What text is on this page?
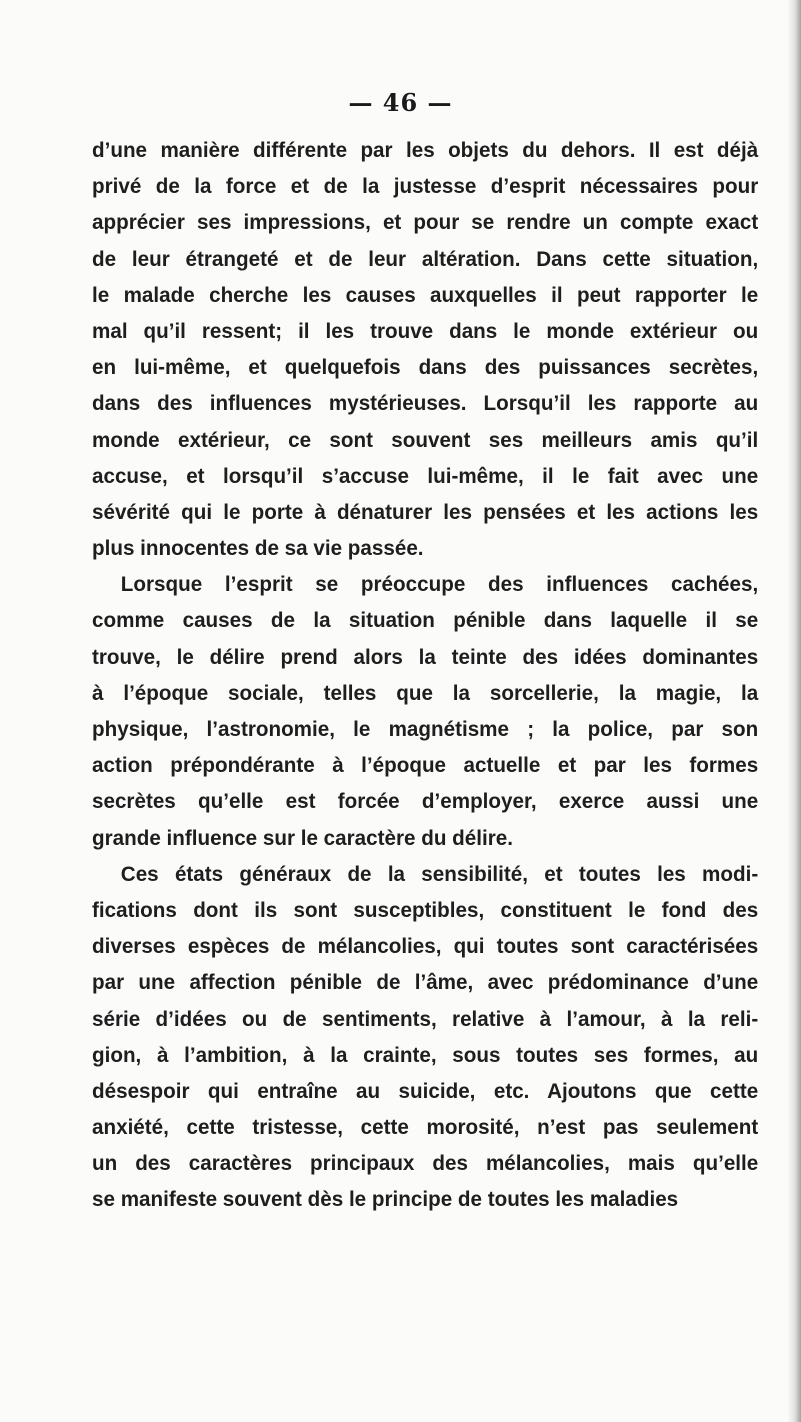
— 46 —
d’une manière différente par les objets du dehors. Il est déjà
privé de la force et de la justesse d’esprit nécessaires pour
apprécier ses impressions, et pour se rendre un compte exact
de leur étrangeté et de leur altération. Dans cette situation,
le malade cherche les causes auxquelles il peut rapporter le
mal qu’il ressent; il les trouve dans le monde extérieur ou
en lui-même, et quelquefois dans des puissances secrètes,
dans des influences mystérieuses. Lorsqu’il les rapporte au
monde extérieur, ce sont souvent ses meilleurs amis qu’il
accuse, et lorsqu’il s’accuse lui-même, il le fait avec une
sévérité qui le porte à dénaturer les pensées et les actions les
plus innocentes de sa vie passée.
Lorsque l’esprit se préoccupe des influences cachées,
comme causes de la situation pénible dans laquelle il se
trouve, le délire prend alors la teinte des idées dominantes
à l’époque sociale, telles que la sorcellerie, la magie, la
physique, l’astronomie, le magnétisme ; la police, par son
action prépondérante à l’époque actuelle et par les formes
secrètes qu’elle est forcée d’employer, exerce aussi une
grande influence sur le caractère du délire.
Ces états généraux de la sensibilité, et toutes les modi-
fications dont ils sont susceptibles, constituent le fond des
diverses espèces de mélancolies, qui toutes sont caractérisées
par une affection pénible de l’âme, avec prédominance d’une
série d’idées ou de sentiments, relative à l’amour, à la reli-
gion, à l’ambition, à la crainte, sous toutes ses formes, au
désespoir qui entraîne au suicide, etc. Ajoutons que cette
anxiété, cette tristesse, cette morosité, n’est pas seulement
un des caractères principaux des mélancolies, mais qu’elle
se manifeste souvent dès le principe de toutes les maladies
